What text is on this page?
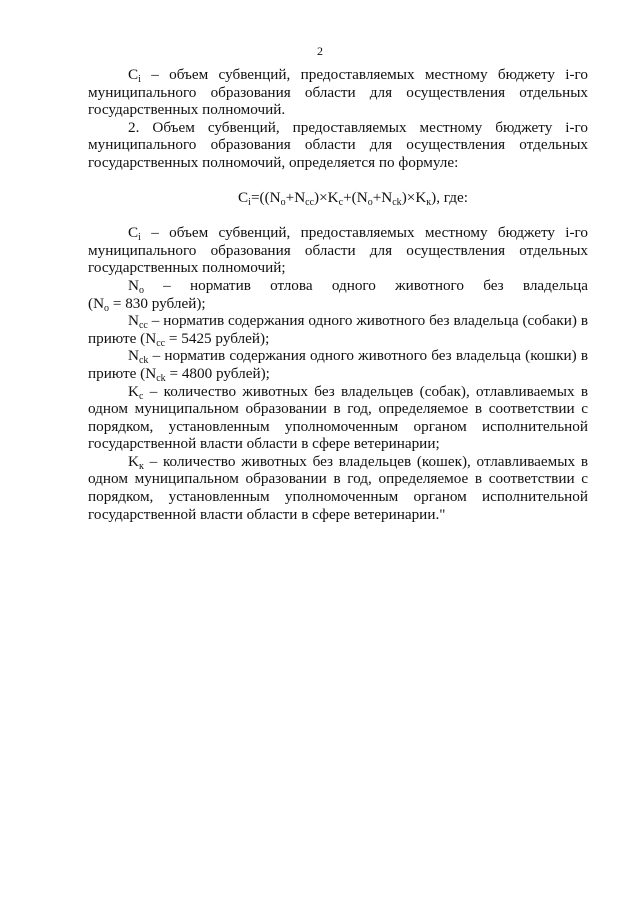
2

$C_i$ – объем субвенций, предоставляемых местному бюджету i-го муниципального образования области для осуществления отдельных государственных полномочий.

2. Объем субвенций, предоставляемых местному бюджету i-го муниципального образования области для осуществления отдельных государственных полномочий, определяется по формуле:

$C_i=((N_o+N_{cc})\times K_c+(N_o+N_{ck})\times K_к)$, где:

$C_i$ – объем субвенций, предоставляемых местному бюджету i-го муниципального образования области для осуществления отдельных государственных полномочий;

$N_o$ – норматив отлова одного животного без владельца ($N_o = 830$ рублей);

$N_{cc}$ – норматив содержания одного животного без владельца (собаки) в приюте ($N_{cc} = 5425$ рублей);

$N_{ck}$ – норматив содержания одного животного без владельца (кошки) в приюте ($N_{ck} = 4800$ рублей);

$K_c$ – количество животных без владельцев (собак), отлавливаемых в одном муниципальном образовании в год, определяемое в соответствии с порядком, установленным уполномоченным органом исполнительной государственной власти области в сфере ветеринарии;

$K_к$ – количество животных без владельцев (кошек), отлавливаемых в одном муниципальном образовании в год, определяемое в соответствии с порядком, установленным уполномоченным органом исполнительной государственной власти области в сфере ветеринарии."
